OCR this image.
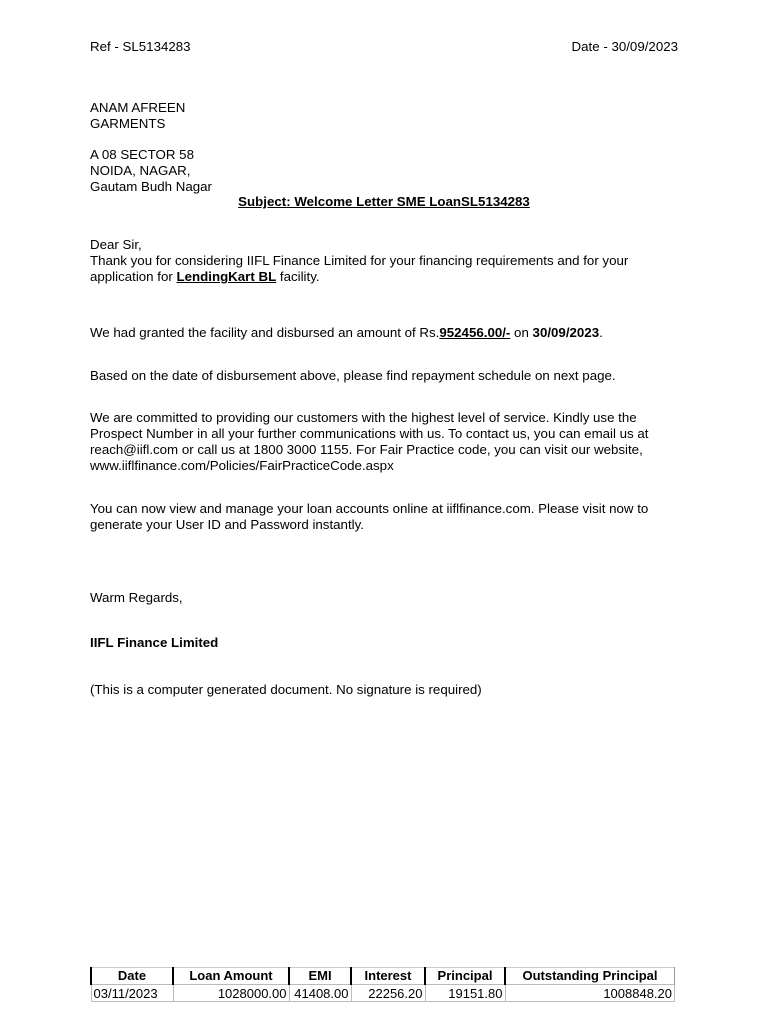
Ref - SL5134283	Date - 30/09/2023
ANAM AFREEN
GARMENTS
A 08 SECTOR 58
NOIDA, NAGAR,
Gautam Budh Nagar
Subject: Welcome Letter SME LoanSL5134283
Dear Sir,
Thank you for considering IIFL Finance Limited for your financing requirements and for your application for LendingKart BL facility.
We had granted the facility and disbursed an amount of Rs.952456.00/- on 30/09/2023.
Based on the date of disbursement above, please find repayment schedule on next page.
We are committed to providing our customers with the highest level of service. Kindly use the Prospect Number in all your further communications with us. To contact us, you can email us at reach@iifl.com or call us at 1800 3000 1155. For Fair Practice code, you can visit our website, www.iiflfinance.com/Policies/FairPracticeCode.aspx
You can now view and manage your loan accounts online at iiflfinance.com. Please visit now to generate your User ID and Password instantly.
Warm Regards,
IIFL Finance Limited
(This is a computer generated document. No signature is required)
Date	Loan Amount	EMI	Interest	Principal	Outstanding Principal
03/11/2023	1028000.00	41408.00	22256.20	19151.80	1008848.20
